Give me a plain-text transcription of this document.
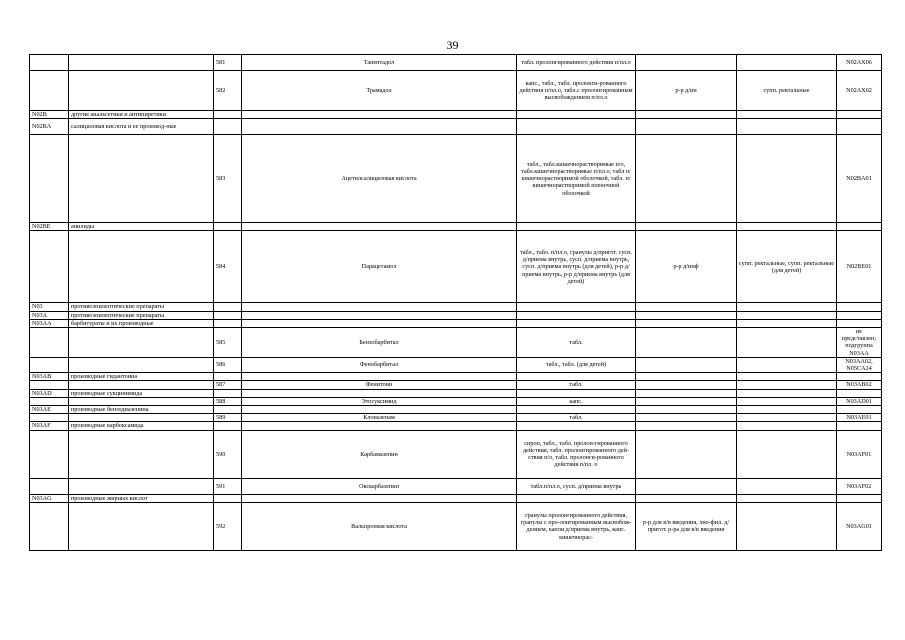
39
		581	Тапентадол	табл. пролонгированного действия п/пл.о			N02AX06
		582	Трамадол	капс., табл., табл. пролонги-рованного действия п/пл.о, табл.с пролонгированным высвобождением п/пл.о	р-р д/ин	супп. ректальные	N02AX02
N02B	другие анальгетики и антипиретики						
N02BA	салициловая кислота и ее производ-ные						
		583	Ацетилсалициловая кислота	табл., табл.кишечнорастворимые п/о, табл.кишечнорастворимые п/пл.о, табл п/кишечнорастворимой оболочкой, табл. п/кишечнорастворимой пленочной оболочкой			N02BA01
N02BE	анилиды						
		584	Парацетамол	табл., табл. п/пл.о, гранулы д/пригот. сусп. д/приема внутрь, сусп. д/приема внутрь, сусп. д/приема внутрь (для детей), р-р д/приема внутрь, р-р д/приема внутрь (для детей)	р-р д/инф	супп. ректальные, супп. ректальные (для детей)	N02BE01
N03	противоэпилептические препараты						
N03A	противоэпилептические препараты						
N03AA	барбитураты и их производные						
		585	Бензобарбитал	табл.			не представлен; подгруппа N03AA
		586	Фенобарбитал	табл., табл. (для детей)			N03AA02, N05CA24
N03AB	производные гидантоина						
		587	Фенитоин	табл.			N03AB02
N03AD	производные сукцинимида						
		588	Этосуксимид	капс.			N03AD01
N03AE	производные бензодиазепина						
		589	Клоназепам	табл.			N03AE01
N03AF	производные карбоксамида						
		590	Карбамазепин	сироп, табл., табл. пролон-гированного действия, табл. пролонгированного дей-ствия п/о, табл. пролонги-рованного действия п/пл. о			N03AF01
		591	Окскарбазепин	табл.п/пл.о, сусп. д/приема внутрь			N03AF02
N03AG	производные жирных кислот						
		592	Вальпроевая кислота	гранулы пролонгированного действия, гранулы с про-лонгированным высвобож-дением, капли д/приема внутрь, капс. кишечнорас-	р-р для в/в введения, лио-фил. д/пригот. р-ра для в/в введения		N03AG01
